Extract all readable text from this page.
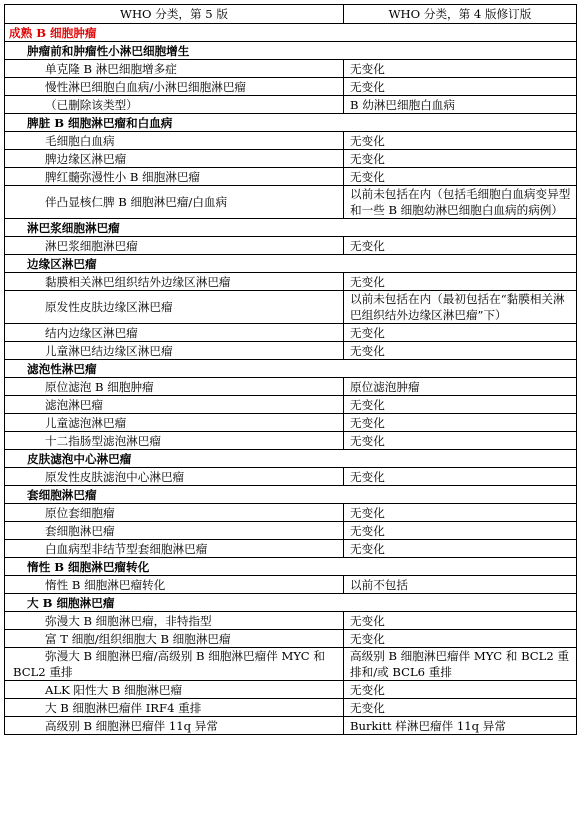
WHO 分类，第 5 版	WHO 分类，第 4 版修订版
成熟 B 细胞肿瘤	
肿瘤前和肿瘤性小淋巴细胞增生	
单克隆 B 淋巴细胞增多症	无变化
慢性淋巴细胞白血病/小淋巴细胞淋巴瘤	无变化
（已删除该类型）	B 幼淋巴细胞白血病
脾脏 B 细胞淋巴瘤和白血病	
毛细胞白血病	无变化
脾边缘区淋巴瘤	无变化
脾红髓弥漫性小 B 细胞淋巴瘤	无变化
伴凸显核仁脾 B 细胞淋巴瘤/白血病	以前未包括在内（包括毛细胞白血病变异型和一些 B 细胞幼淋巴细胞白血病的病例）
淋巴浆细胞淋巴瘤	
淋巴浆细胞淋巴瘤	无变化
边缘区淋巴瘤	
黏膜相关淋巴组织结外边缘区淋巴瘤	无变化
原发性皮肤边缘区淋巴瘤	以前未包括在内（最初包括在“黏膜相关淋巴组织结外边缘区淋巴瘤”下）
结内边缘区淋巴瘤	无变化
儿童淋巴结边缘区淋巴瘤	无变化
滤泡性淋巴瘤	
原位滤泡 B 细胞肿瘤	原位滤泡肿瘤
滤泡淋巴瘤	无变化
儿童滤泡淋巴瘤	无变化
十二指肠型滤泡淋巴瘤	无变化
皮肤滤泡中心淋巴瘤	
原发性皮肤滤泡中心淋巴瘤	无变化
套细胞淋巴瘤	
原位套细胞瘤	无变化
套细胞淋巴瘤	无变化
白血病型非结节型套细胞淋巴瘤	无变化
惰性 B 细胞淋巴瘤转化	
惰性 B 细胞淋巴瘤转化	以前不包括
大 B 细胞淋巴瘤	
弥漫大 B 细胞淋巴瘤，非特指型	无变化
富 T 细胞/组织细胞大 B 细胞淋巴瘤	无变化
弥漫大 B 细胞淋巴瘤/高级别 B 细胞淋巴瘤伴 MYC 和 BCL2 重排	高级别 B 细胞淋巴瘤伴 MYC 和 BCL2 重排和/或 BCL6 重排
ALK 阳性大 B 细胞淋巴瘤	无变化
大 B 细胞淋巴瘤伴 IRF4 重排	无变化
高级别 B 细胞淋巴瘤伴 11q 异常	Burkitt 样淋巴瘤伴 11q 异常
